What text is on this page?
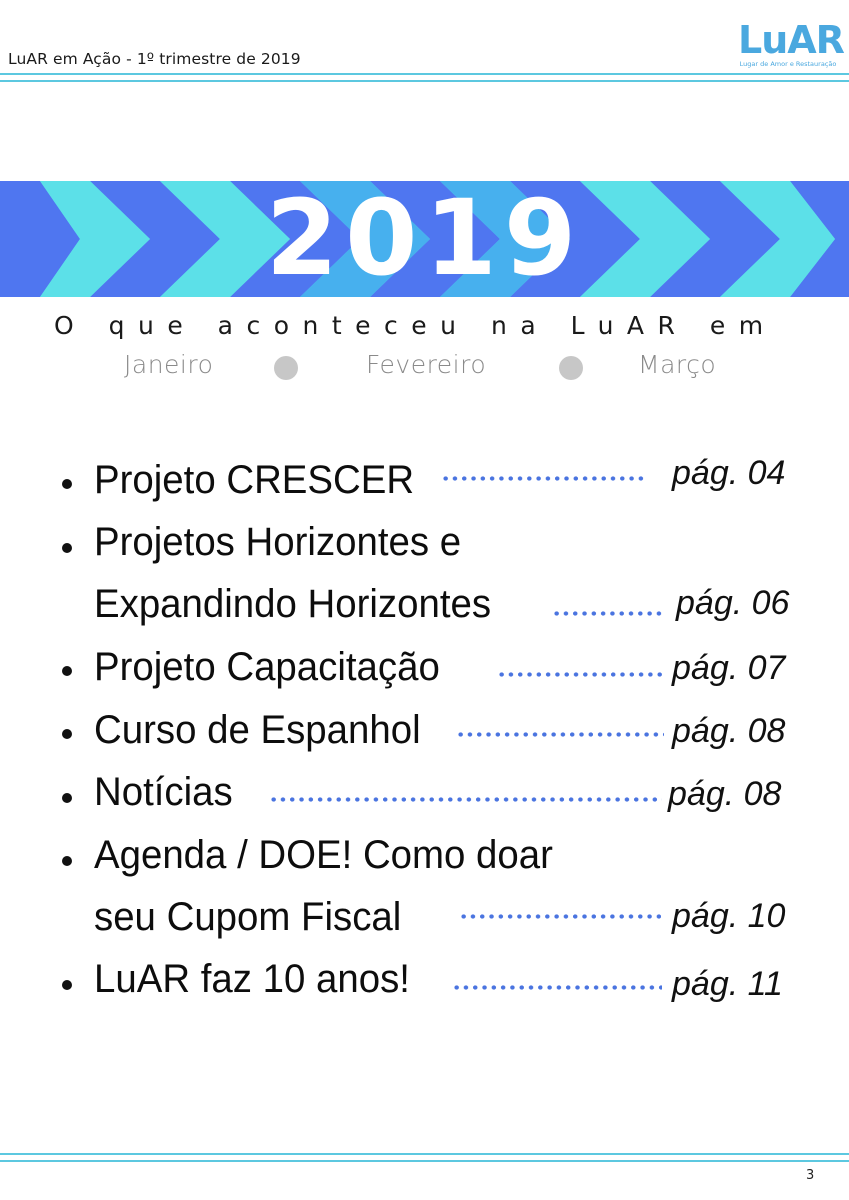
LuAR em Ação - 1º trimestre de 2019	LuAR
Lugar de Amor e Restauração
2019
O que aconteceu na LuAR em
Janeiro	Fevereiro	Março
Projeto CRESCER	pág. 04
Projetos Horizontes e
Expandindo Horizontes	pág. 06
Projeto Capacitação	pág. 07
Curso de Espanhol	pág. 08
Notícias	pág. 08
Agenda / DOE! Como doar
seu Cupom Fiscal	pág. 10
LuAR faz 10 anos!	pág. 11
3
